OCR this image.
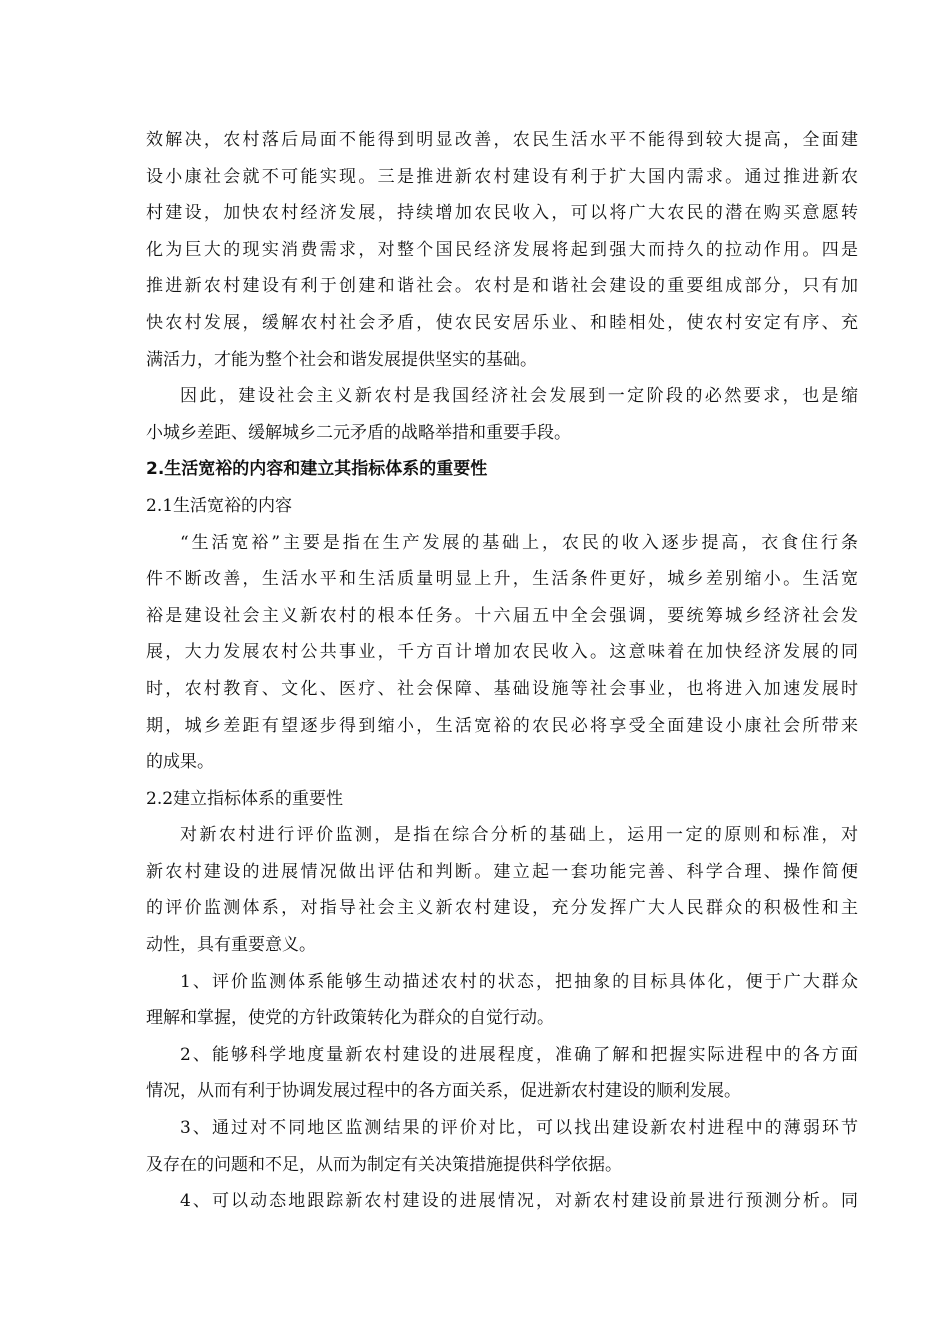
效解决，农村落后局面不能得到明显改善，农民生活水平不能得到较大提高，全面建
设小康社会就不可能实现。三是推进新农村建设有利于扩大国内需求。通过推进新农
村建设，加快农村经济发展，持续增加农民收入，可以将广大农民的潜在购买意愿转
化为巨大的现实消费需求，对整个国民经济发展将起到强大而持久的拉动作用。四是
推进新农村建设有利于创建和谐社会。农村是和谐社会建设的重要组成部分，只有加
快农村发展，缓解农村社会矛盾，使农民安居乐业、和睦相处，使农村安定有序、充
满活力，才能为整个社会和谐发展提供坚实的基础。
因此，建设社会主义新农村是我国经济社会发展到一定阶段的必然要求，也是缩
小城乡差距、缓解城乡二元矛盾的战略举措和重要手段。
2.生活宽裕的内容和建立其指标体系的重要性
2.1生活宽裕的内容
“生活宽裕”主要是指在生产发展的基础上，农民的收入逐步提高，衣食住行条
件不断改善，生活水平和生活质量明显上升，生活条件更好，城乡差别缩小。生活宽
裕是建设社会主义新农村的根本任务。十六届五中全会强调，要统筹城乡经济社会发
展，大力发展农村公共事业，千方百计增加农民收入。这意味着在加快经济发展的同
时，农村教育、文化、医疗、社会保障、基础设施等社会事业，也将进入加速发展时
期，城乡差距有望逐步得到缩小，生活宽裕的农民必将享受全面建设小康社会所带来
的成果。
2.2建立指标体系的重要性
对新农村进行评价监测，是指在综合分析的基础上，运用一定的原则和标准，对
新农村建设的进展情况做出评估和判断。建立起一套功能完善、科学合理、操作简便
的评价监测体系，对指导社会主义新农村建设，充分发挥广大人民群众的积极性和主
动性，具有重要意义。
1、评价监测体系能够生动描述农村的状态，把抽象的目标具体化，便于广大群众
理解和掌握，使党的方针政策转化为群众的自觉行动。
2、能够科学地度量新农村建设的进展程度，准确了解和把握实际进程中的各方面
情况，从而有利于协调发展过程中的各方面关系，促进新农村建设的顺利发展。
3、通过对不同地区监测结果的评价对比，可以找出建设新农村进程中的薄弱环节
及存在的问题和不足，从而为制定有关决策措施提供科学依据。
4、可以动态地跟踪新农村建设的进展情况，对新农村建设前景进行预测分析。同
